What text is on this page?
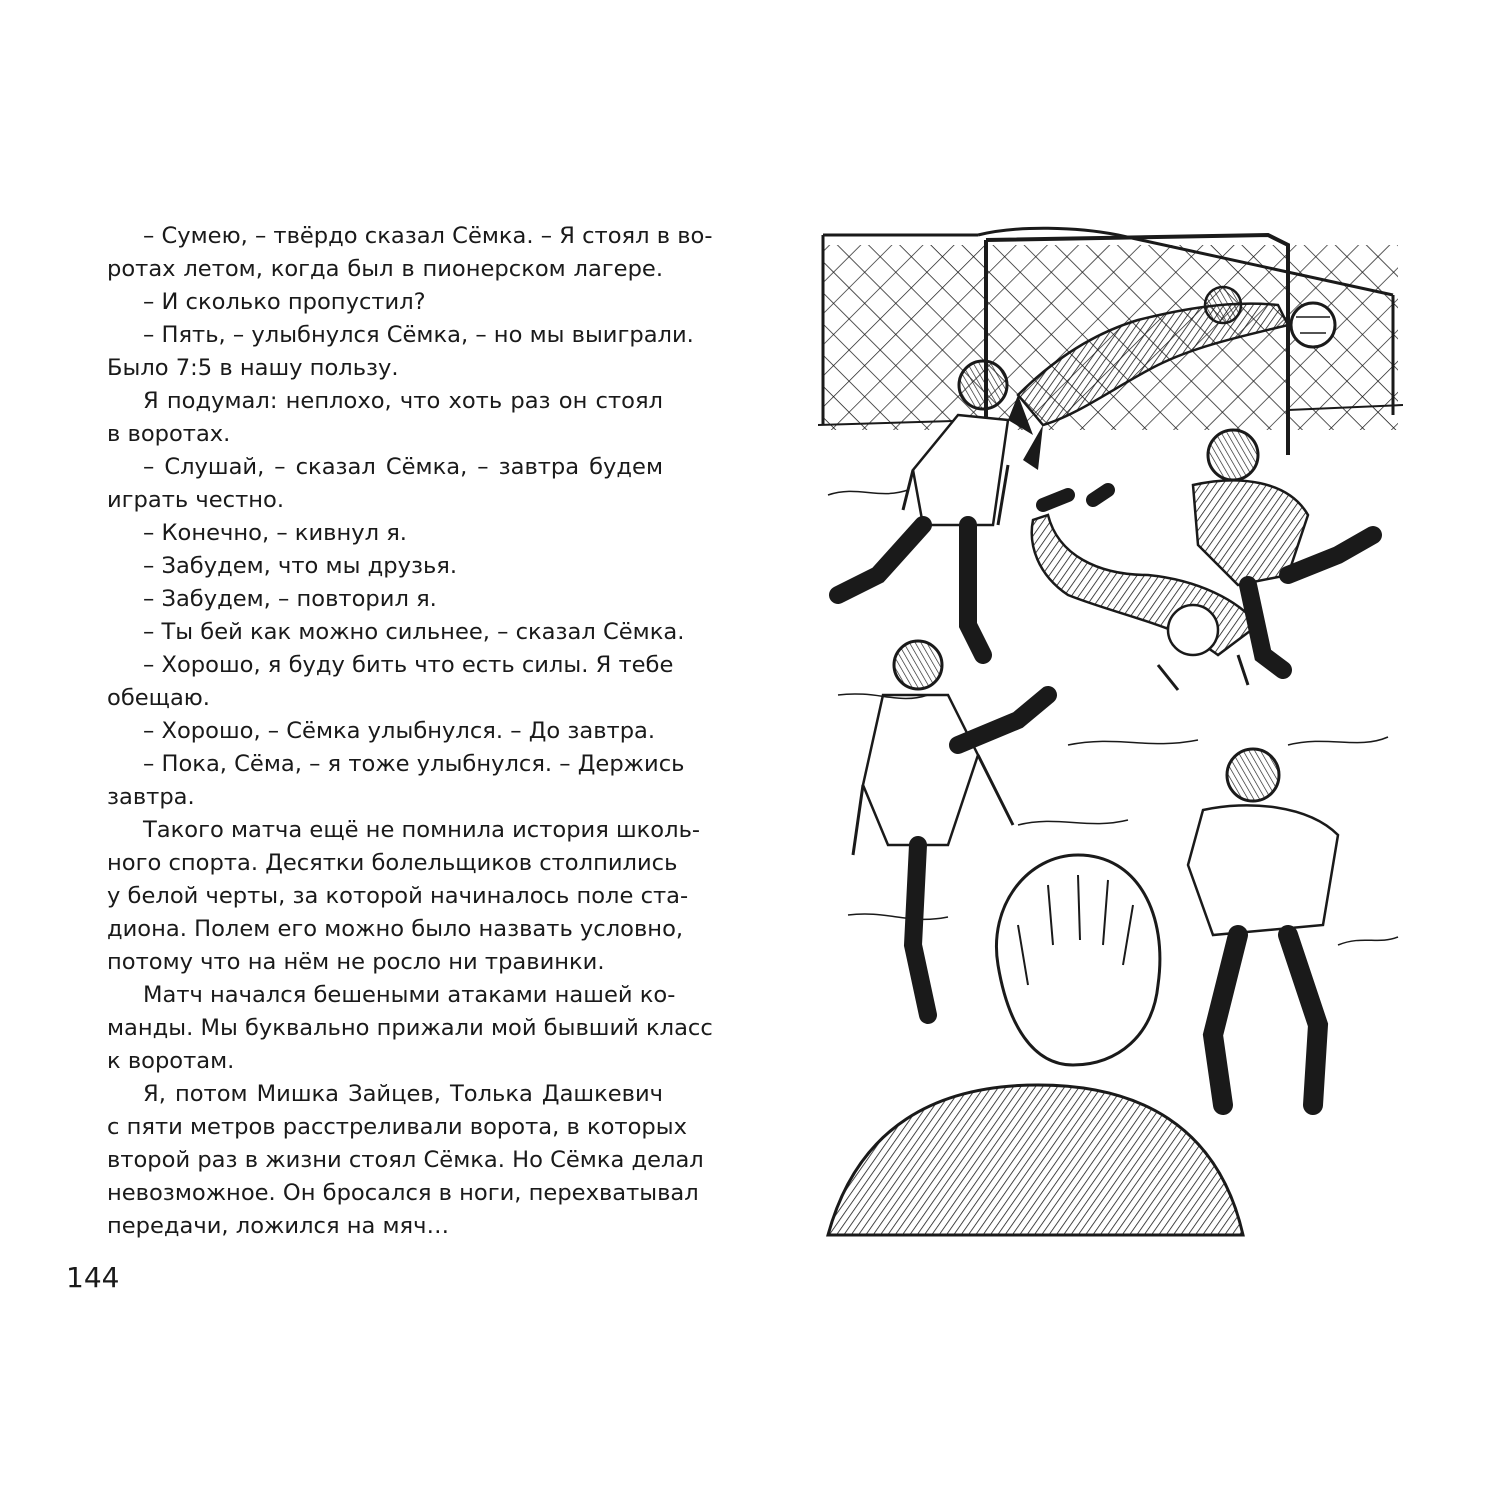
– Сумею, – твёрдо сказал Сёмка. – Я стоял в во-
ротах летом, когда был в пионерском лагере.
– И сколько пропустил?
– Пять, – улыбнулся Сёмка, – но мы выиграли.
Было 7:5 в нашу пользу.
Я подумал: неплохо, что хоть раз он стоял
в воротах.
– Слушай, – сказал Сёмка, – завтра будем
играть честно.
– Конечно, – кивнул я.
– Забудем, что мы друзья.
– Забудем, – повторил я.
– Ты бей как можно сильнее, – сказал Сёмка.
– Хорошо, я буду бить что есть силы. Я тебе
обещаю.
– Хорошо, – Сёмка улыбнулся. – До завтра.
– Пока, Сёма, – я тоже улыбнулся. – Держись
завтра.
Такого матча ещё не помнила история школь-
ного спорта. Десятки болельщиков столпились
у белой черты, за которой начиналось поле ста-
диона. Полем его можно было назвать условно,
потому что на нём не росло ни травинки.
Матч начался бешеными атаками нашей ко-
манды. Мы буквально прижали мой бывший класс
к воротам.
Я, потом Мишка Зайцев, Толька Дашкевич
с пяти метров расстреливали ворота, в которых
второй раз в жизни стоял Сёмка. Но Сёмка делал
невозможное. Он бросался в ноги, перехватывал
передачи, ложился на мяч…
144
